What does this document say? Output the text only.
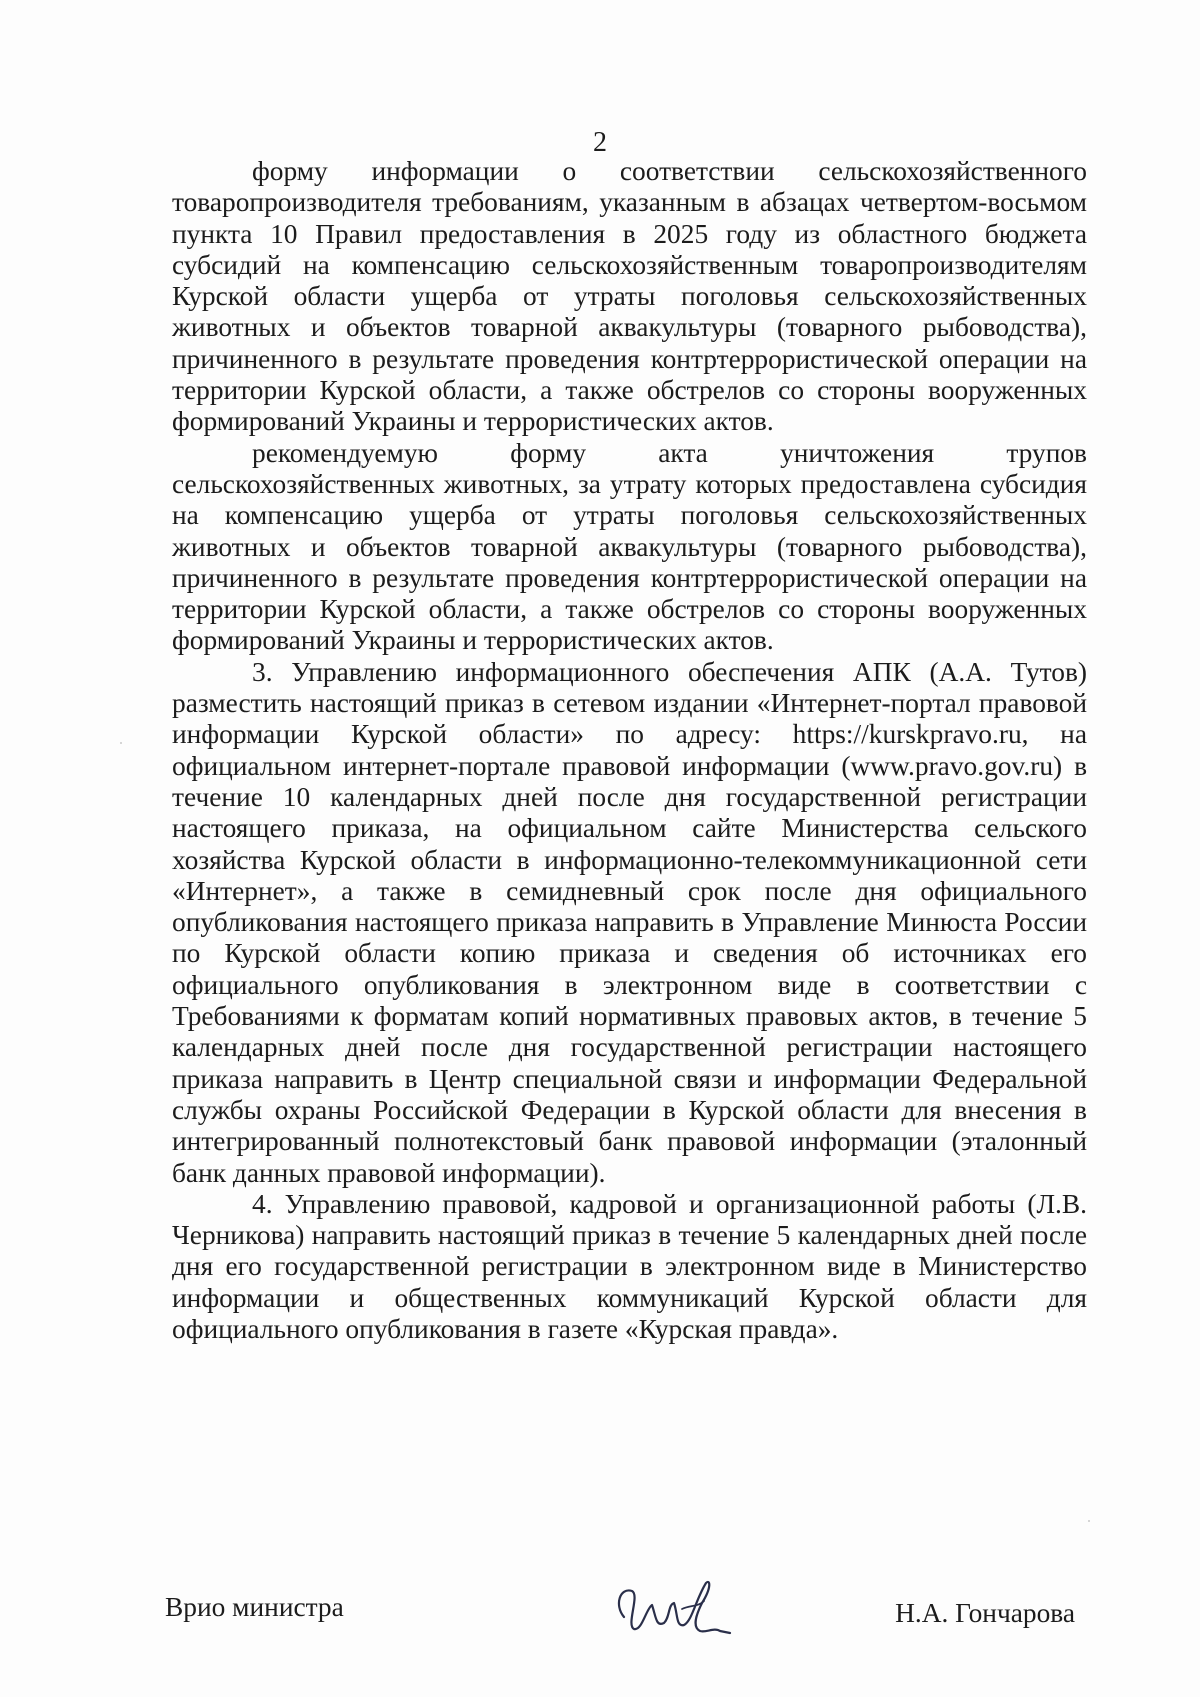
2

форму информации о соответствии сельскохозяйственного товаропроизводителя требованиям, указанным в абзацах четвертом-восьмом пункта 10 Правил предоставления в 2025 году из областного бюджета субсидий на компенсацию сельскохозяйственным товаропроизводителям Курской области ущерба от утраты поголовья сельскохозяйственных животных и объектов товарной аквакультуры (товарного рыбоводства), причиненного в результате проведения контртеррористической операции на территории Курской области, а также обстрелов со стороны вооруженных формирований Украины и террористических актов.

рекомендуемую форму акта уничтожения трупов сельскохозяйственных животных, за утрату которых предоставлена субсидия на компенсацию ущерба от утраты поголовья сельскохозяйственных животных и объектов товарной аквакультуры (товарного рыбоводства), причиненного в результате проведения контртеррористической операции на территории Курской области, а также обстрелов со стороны вооруженных формирований Украины и террористических актов.

3. Управлению информационного обеспечения АПК (А.А. Тутов) разместить настоящий приказ в сетевом издании «Интернет-портал правовой информации Курской области» по адресу: https://kurskpravo.ru, на официальном интернет-портале правовой информации (www.pravo.gov.ru) в течение 10 календарных дней после дня государственной регистрации настоящего приказа, на официальном сайте Министерства сельского хозяйства Курской области в информационно-телекоммуникационной сети «Интернет», а также в семидневный срок после дня официального опубликования настоящего приказа направить в Управление Минюста России по Курской области копию приказа и сведения об источниках его официального опубликования в электронном виде в соответствии с Требованиями к форматам копий нормативных правовых актов, в течение 5 календарных дней после дня государственной регистрации настоящего приказа направить в Центр специальной связи и информации Федеральной службы охраны Российской Федерации в Курской области для внесения в интегрированный полнотекстовый банк правовой информации (эталонный банк данных правовой информации).

4. Управлению правовой, кадровой и организационной работы (Л.В. Черникова) направить настоящий приказ в течение 5 календарных дней после дня его государственной регистрации в электронном виде в Министерство информации и общественных коммуникаций Курской области для официального опубликования в газете «Курская правда».

Врио министра	Н.А. Гончарова
